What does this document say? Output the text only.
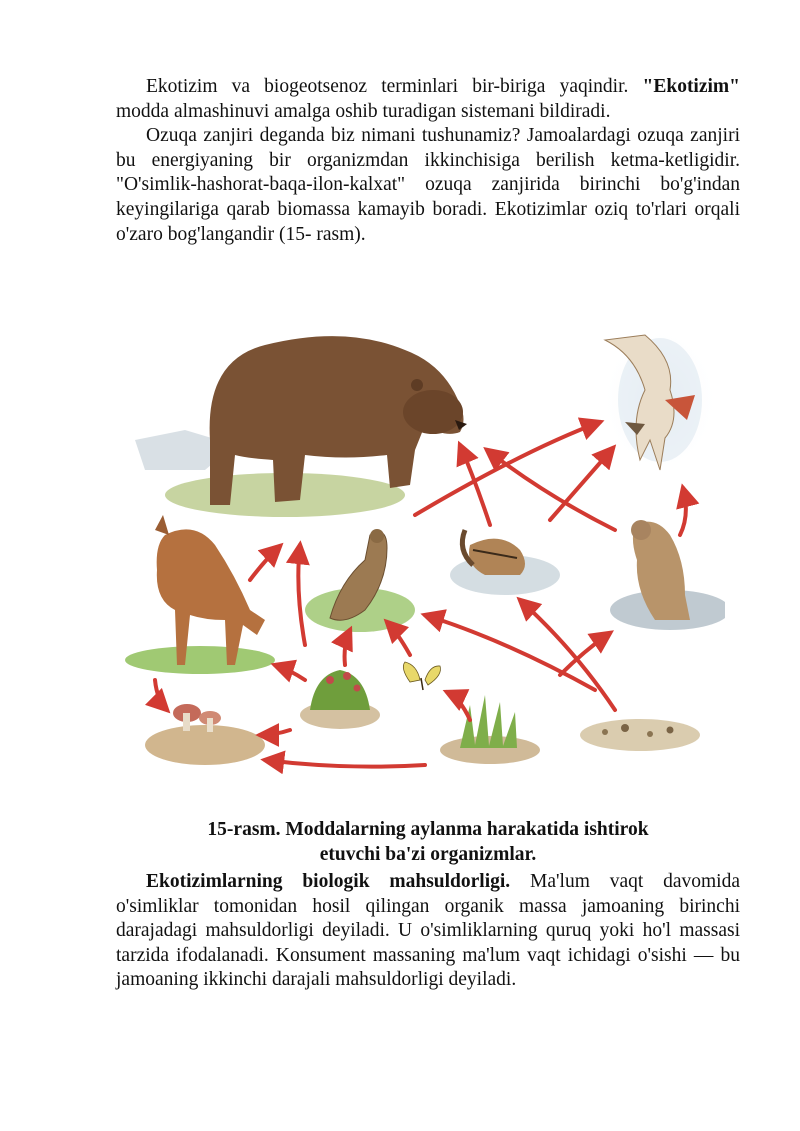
Ekotizim va biogeotsenoz terminlari bir-biriga yaqindir. "Ekotizim" modda almashinuvi amalga oshib turadigan sistemani bildiradi.

Ozuqa zanjiri deganda biz nimani tushunamiz? Jamoalardagi ozuqa zanjiri bu energiyaning bir organizmdan ikkinchisiga berilish ketma-ketligidir. "O'simlik-hashorat-baqa-ilon-kalxat" ozuqa zanjirida birinchi bo'g'indan keyingilariga qarab biomassa kamayib boradi. Ekotizimlar oziq to'rlari orqali o'zaro bog'langandir (15- rasm).

15-rasm. Moddalarning aylanma harakatida ishtirok
etuvchi ba'zi organizmlar.

Ekotizimlarning biologik mahsuldorligi. Ma'lum vaqt davomida o'simliklar tomonidan hosil qilingan organik massa jamoaning birinchi darajadagi mahsuldorligi deyiladi. U o'simliklarning quruq yoki ho'l massasi tarzida ifodalanadi. Konsument massaning ma'lum vaqt ichidagi o'sishi — bu jamoaning ikkinchi darajali mahsuldorligi deyiladi.
